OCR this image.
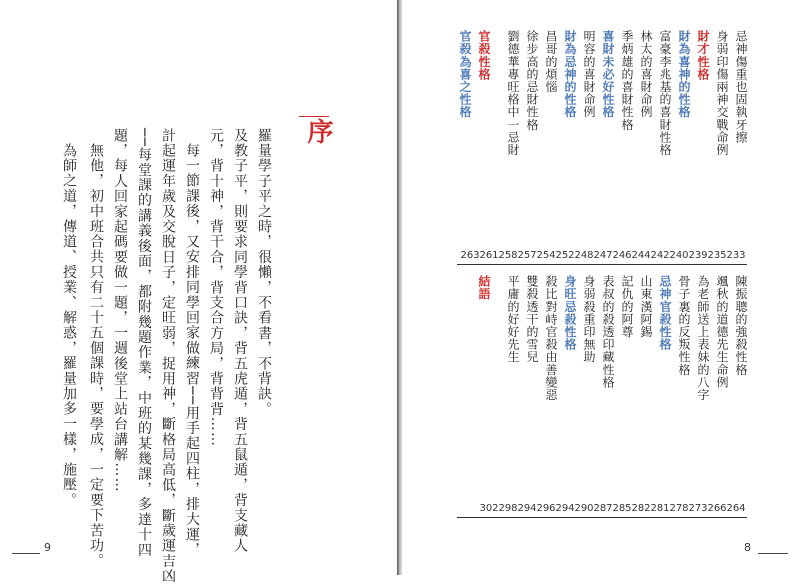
序
羅量學子平之時，很懶，不看書，不背訣。
及教子平，則要求同學背口訣，背五虎遁，背五鼠遁，背支藏人
元，背十神，背干合，背支合方局，背背背……
每一節課後，又安排同學回家做練習──用手起四柱，排大運，
計起運年歲及交脫日子，定旺弱，捉用神，斷格局高低，斷歲運吉凶
──每堂課的講義後面，都附幾題作業，中班的某幾課，多達十四
題，每人回家起碼要做一題，一週後堂上站台講解……
無他，初中班合共只有二十五個課時，要學成，一定要下苦功。
為師之道，傳道、授業、解惑，羅量加多一樣，施壓。
9
忌神傷重也固執牙擦
身弱印傷兩神交戰命例
財才性格
財為喜神的性格
富豪李兆基的喜財性格
林太的喜財命例
季炳雄的喜財性格
喜財未必好性格
明容的喜財命例
財為忌神的性格
昌哥的煩惱
徐步高的忌財性格
劉德華專旺格中一忌財
官殺性格
官殺為喜之性格
233
235
239
240
242
244
246
247
248
252
254
257
258
261
263
陳振聰的強殺性格
颯秋的道德先生命例
為老師送上表妹的八字
骨子裏的反叛性格
忌神官殺性格
山東漢阿錫
記仇的阿尊
表叔的殺透印藏性格
身弱殺重印無助
身旺忌殺性格
殺比對峙官殺由善變惡
雙殺透干的雪兒
平庸的好好先生
結語
264
266
273
278
281
282
285
287
290
294
296
294
298
302
8
